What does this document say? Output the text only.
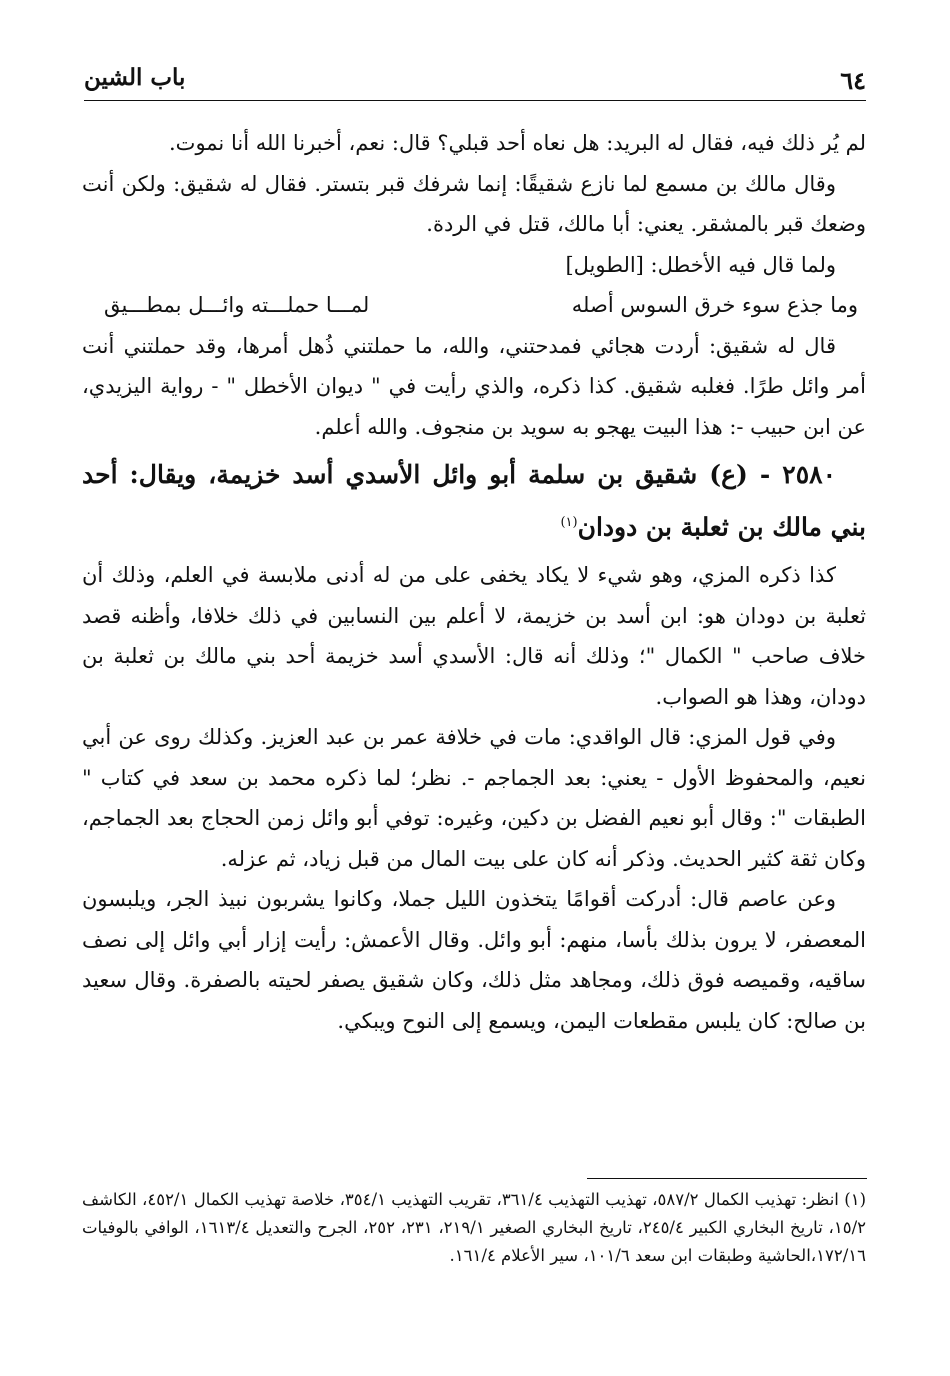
٦٤
باب الشين

لم يُر ذلك فيه، فقال له البريد: هل نعاه أحد قبلي؟ قال: نعم، أخبرنا الله أنا نموت.

وقال مالك بن مسمع لما نازع شقيقًا: إنما شرفك قبر بتستر. فقال له شقيق: ولكن أنت وضعك قبر بالمشقر. يعني: أبا مالك، قتل في الردة.

ولما قال فيه الأخطل: [الطويل]

وما جذع سوء خرق السوس أصله
لمـــا حملـــته وائـــل بمطـــيق

قال له شقيق: أردت هجائي فمدحتني، والله، ما حملتني ذُهل أمرها، وقد حملتني أنت أمر وائل طرًا. فغلبه شقيق. كذا ذكره، والذي رأيت في " ديوان الأخطل " - رواية اليزيدي، عن ابن حبيب -: هذا البيت يهجو به سويد بن منجوف. والله أعلم.

٢٥٨٠ - (ع) شقيق بن سلمة أبو وائل الأسدي أسد خزيمة، ويقال: أحد بني مالك بن ثعلبة بن دودان$^{(١)}$

كذا ذكره المزي، وهو شيء لا يكاد يخفى على من له أدنى ملابسة في العلم، وذلك أن ثعلبة بن دودان هو: ابن أسد بن خزيمة، لا أعلم بين النسابين في ذلك خلافا، وأظنه قصد خلاف صاحب " الكمال "؛ وذلك أنه قال: الأسدي أسد خزيمة أحد بني مالك بن ثعلبة بن دودان، وهذا هو الصواب.

وفي قول المزي: قال الواقدي: مات في خلافة عمر بن عبد العزيز. وكذلك روى عن أبي نعيم، والمحفوظ الأول - يعني: بعد الجماجم -. نظر؛ لما ذكره محمد بن سعد في كتاب " الطبقات ": وقال أبو نعيم الفضل بن دكين، وغيره: توفي أبو وائل زمن الحجاج بعد الجماجم، وكان ثقة كثير الحديث. وذكر أنه كان على بيت المال من قبل زياد، ثم عزله.

وعن عاصم قال: أدركت أقوامًا يتخذون الليل جملا، وكانوا يشربون نبيذ الجر، ويلبسون المعصفر، لا يرون بذلك بأسا، منهم: أبو وائل. وقال الأعمش: رأيت إزار أبي وائل إلى نصف ساقيه، وقميصه فوق ذلك، ومجاهد مثل ذلك، وكان شقيق يصفر لحيته بالصفرة. وقال سعيد بن صالح: كان يلبس مقطعات اليمن، ويسمع إلى النوح ويبكي.

(١) انظر: تهذيب الكمال ٥٨٧/٢، تهذيب التهذيب ٣٦١/٤، تقريب التهذيب ٣٥٤/١، خلاصة تهذيب الكمال ٤٥٢/١، الكاشف ١٥/٢، تاريخ البخاري الكبير ٢٤٥/٤، تاريخ البخاري الصغير ٢١٩/١، ٢٣١، ٢٥٢، الجرح والتعديل ١٦١٣/٤، الوافي بالوفيات ١٧٢/١٦،الحاشية وطبقات ابن سعد ١٠١/٦، سير الأعلام ١٦١/٤.
